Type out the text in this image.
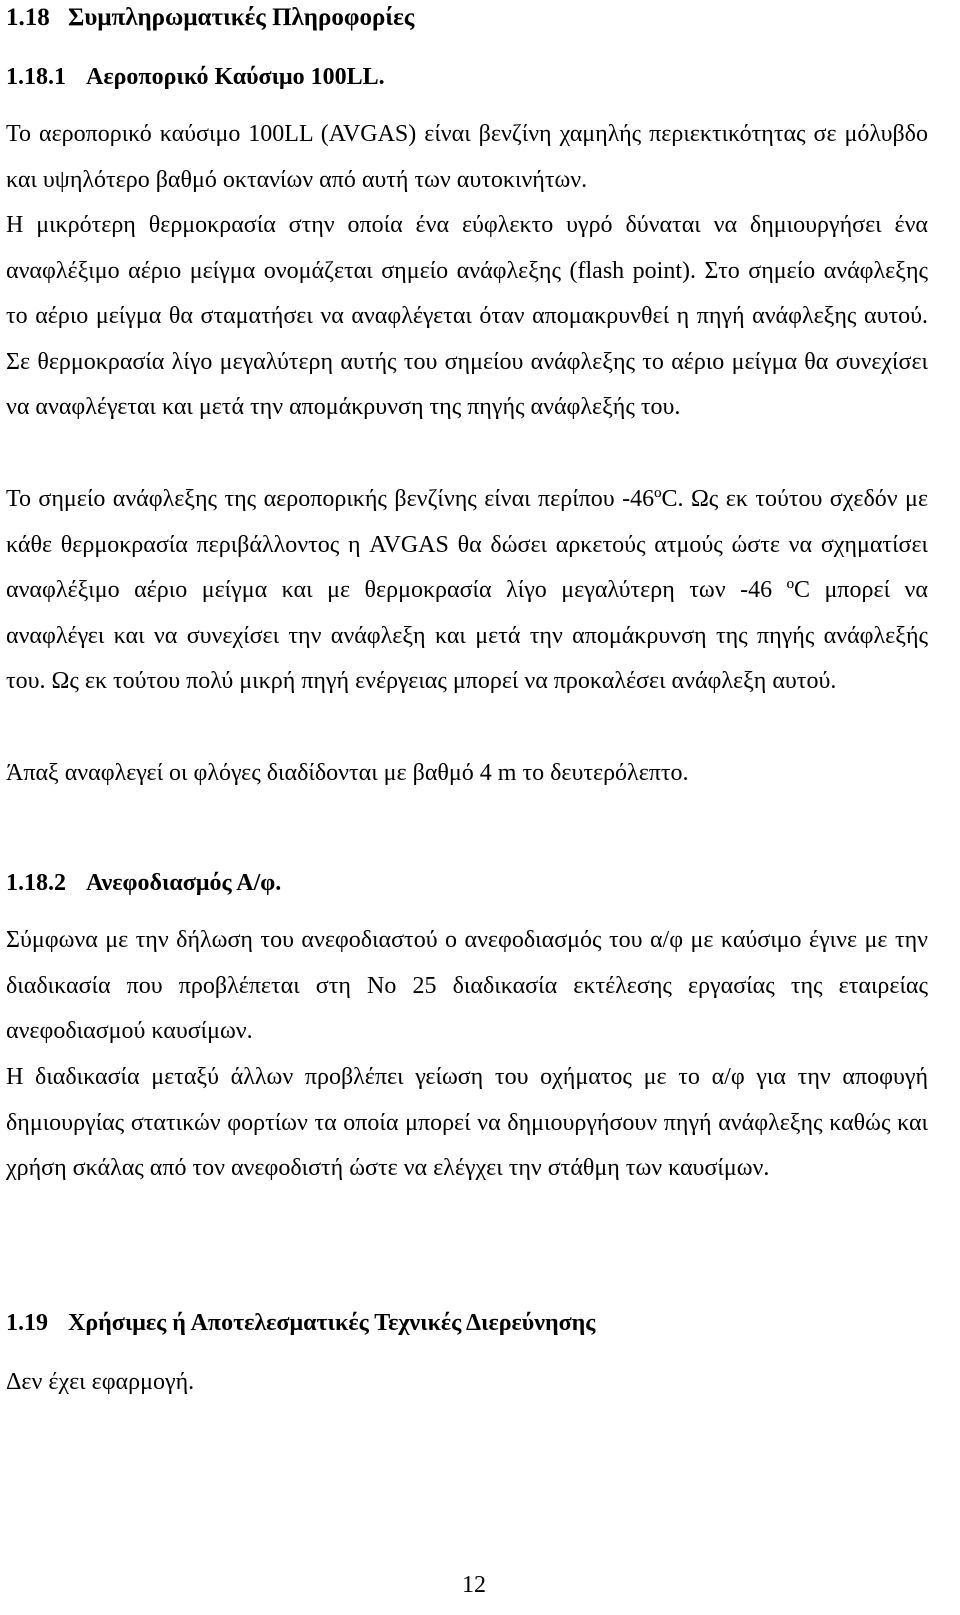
1.18 Συμπληρωματικές Πληροφορίες
1.18.1 Αεροπορικό Καύσιμο 100LL.

Το αεροπορικό καύσιμο 100LL (AVGAS) είναι βενζίνη χαμηλής περιεκτικότητας σε μόλυβδο και υψηλότερο βαθμό οκτανίων από αυτή των αυτοκινήτων.

Η μικρότερη θερμοκρασία στην οποία ένα εύφλεκτο υγρό δύναται να δημιουργήσει ένα αναφλέξιμο αέριο μείγμα ονομάζεται σημείο ανάφλεξης (flash point). Στο σημείο ανάφλεξης το αέριο μείγμα θα σταματήσει να αναφλέγεται όταν απομακρυνθεί η πηγή ανάφλεξης αυτού. Σε θερμοκρασία λίγο μεγαλύτερη αυτής του σημείου ανάφλεξης το αέριο μείγμα θα συνεχίσει να αναφλέγεται και μετά την απομάκρυνση της πηγής ανάφλεξής του.

Το σημείο ανάφλεξης της αεροπορικής βενζίνης είναι περίπου -46ºC. Ως εκ τούτου σχεδόν με κάθε θερμοκρασία περιβάλλοντος η AVGAS θα δώσει αρκετούς ατμούς ώστε να σχηματίσει αναφλέξιμο αέριο μείγμα και με θερμοκρασία λίγο μεγαλύτερη των -46 ºC μπορεί να αναφλέγει και να συνεχίσει την ανάφλεξη και μετά την απομάκρυνση της πηγής ανάφλεξής του. Ως εκ τούτου πολύ μικρή πηγή ενέργειας μπορεί να προκαλέσει ανάφλεξη αυτού.

Άπαξ αναφλεγεί οι φλόγες διαδίδονται με βαθμό 4 m το δευτερόλεπτο.

1.18.2 Ανεφοδιασμός Α/φ.

Σύμφωνα με την δήλωση του ανεφοδιαστού ο ανεφοδιασμός του α/φ με καύσιμο έγινε με την διαδικασία που προβλέπεται στη Νο 25 διαδικασία εκτέλεσης εργασίας της εταιρείας ανεφοδιασμού καυσίμων.

Η διαδικασία μεταξύ άλλων προβλέπει γείωση του οχήματος με το α/φ για την αποφυγή δημιουργίας στατικών φορτίων τα οποία μπορεί να δημιουργήσουν πηγή ανάφλεξης καθώς και χρήση σκάλας από τον ανεφοδιστή ώστε να ελέγχει την στάθμη των καυσίμων.

1.19 Χρήσιμες ή Αποτελεσματικές Τεχνικές Διερεύνησης

Δεν έχει εφαρμογή.

12
